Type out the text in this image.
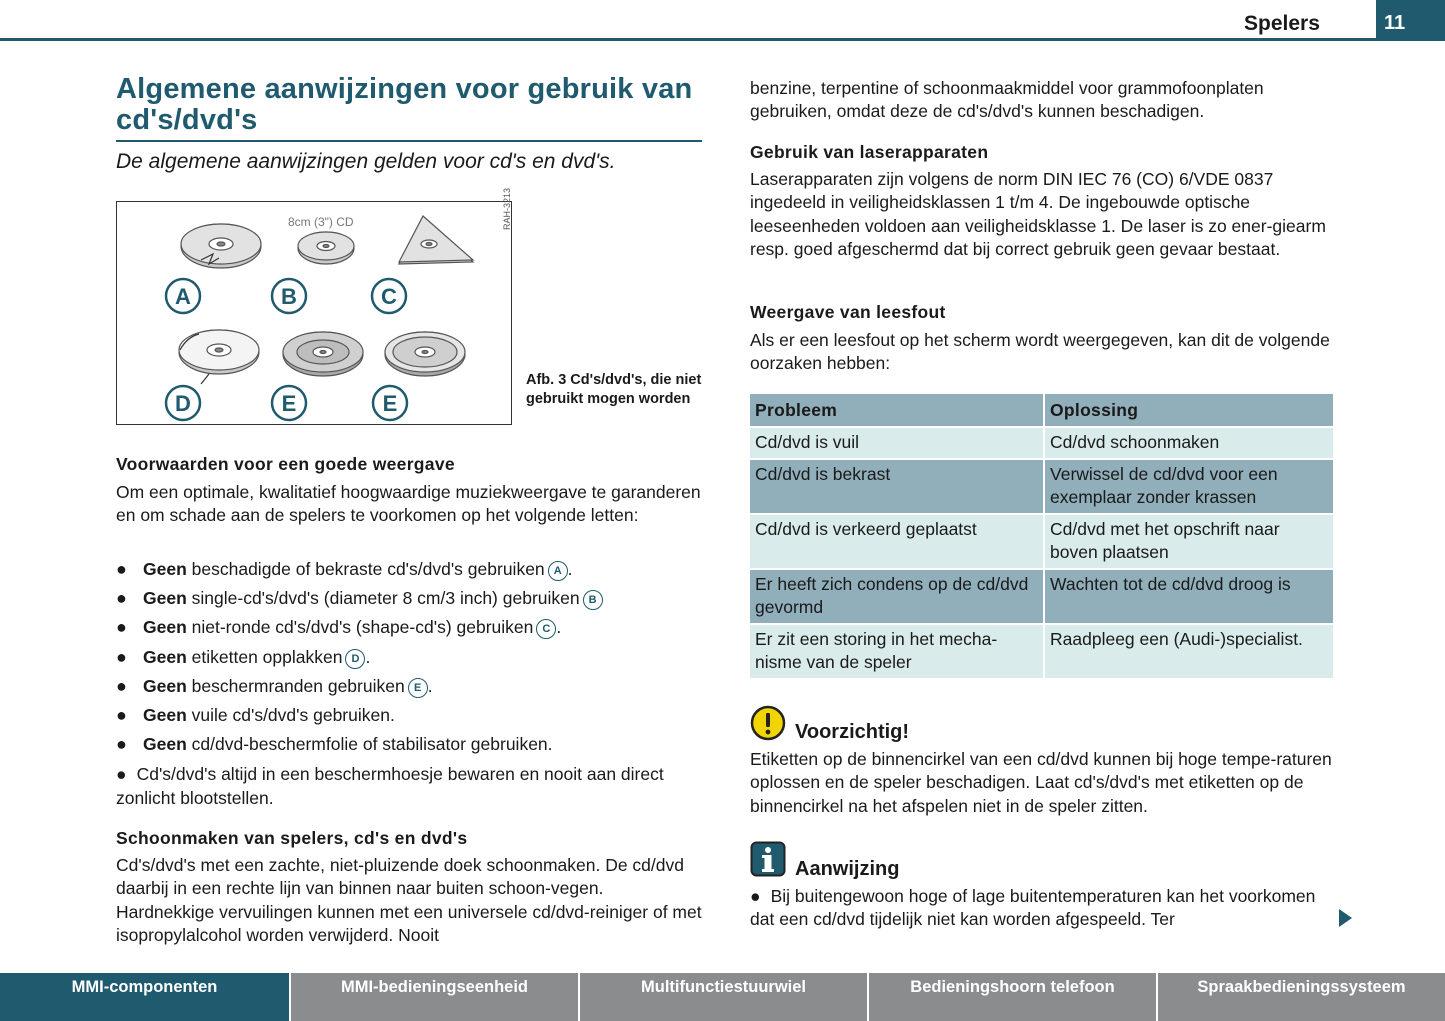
Spelers	11
Algemene aanwijzingen voor gebruik van cd's/dvd's
De algemene aanwijzingen gelden voor cd's en dvd's.
8cm (3") CD	RAH-3213
A	B	C
D	E	E
Afb. 3 Cd's/dvd's, die niet gebruikt mogen worden
Voorwaarden voor een goede weergave
Om een optimale, kwalitatief hoogwaardige muziekweergave te garanderen en om schade aan de spelers te voorkomen op het volgende letten:
● Geen beschadigde of bekraste cd's/dvd's gebruiken A .
● Geen single-cd's/dvd's (diameter 8 cm/3 inch) gebruiken B
● Geen niet-ronde cd's/dvd's (shape-cd's) gebruiken C .
● Geen etiketten opplakken D .
● Geen beschermranden gebruiken E .
● Geen vuile cd's/dvd's gebruiken.
● Geen cd/dvd-beschermfolie of stabilisator gebruiken.
● Cd's/dvd's altijd in een beschermhoesje bewaren en nooit aan direct zonlicht blootstellen.
Schoonmaken van spelers, cd's en dvd's
Cd's/dvd's met een zachte, niet-pluizende doek schoonmaken. De cd/dvd daarbij in een rechte lijn van binnen naar buiten schoon-vegen. Hardnekkige vervuilingen kunnen met een universele cd/dvd-reiniger of met isopropylalcohol worden verwijderd. Nooit
benzine, terpentine of schoonmaakmiddel voor grammofoonplaten gebruiken, omdat deze de cd's/dvd's kunnen beschadigen.
Gebruik van laserapparaten
Laserapparaten zijn volgens de norm DIN IEC 76 (CO) 6/VDE 0837 ingedeeld in veiligheidsklassen 1 t/m 4. De ingebouwde optische leeseenheden voldoen aan veiligheidsklasse 1. De laser is zo ener-giearm resp. goed afgeschermd dat bij correct gebruik geen gevaar bestaat.
Weergave van leesfout
Als er een leesfout op het scherm wordt weergegeven, kan dit de volgende oorzaken hebben:
Probleem	Oplossing
Cd/dvd is vuil	Cd/dvd schoonmaken
Cd/dvd is bekrast	Verwissel de cd/dvd voor een exemplaar zonder krassen
Cd/dvd is verkeerd geplaatst	Cd/dvd met het opschrift naar boven plaatsen
Er heeft zich condens op de cd/dvd gevormd	Wachten tot de cd/dvd droog is
Er zit een storing in het mecha-nisme van de speler	Raadpleeg een (Audi-)specialist.
Voorzichtig!
Etiketten op de binnencirkel van een cd/dvd kunnen bij hoge tempe-raturen oplossen en de speler beschadigen. Laat cd's/dvd's met etiketten op de binnencirkel na het afspelen niet in de speler zitten.
Aanwijzing
● Bij buitengewoon hoge of lage buitentemperaturen kan het voorkomen dat een cd/dvd tijdelijk niet kan worden afgespeeld. Ter
MMI-componenten	MMI-bedieningseenheid	Multifunctiestuurwiel	Bedieningshoorn telefoon	Spraakbedieningssysteem
